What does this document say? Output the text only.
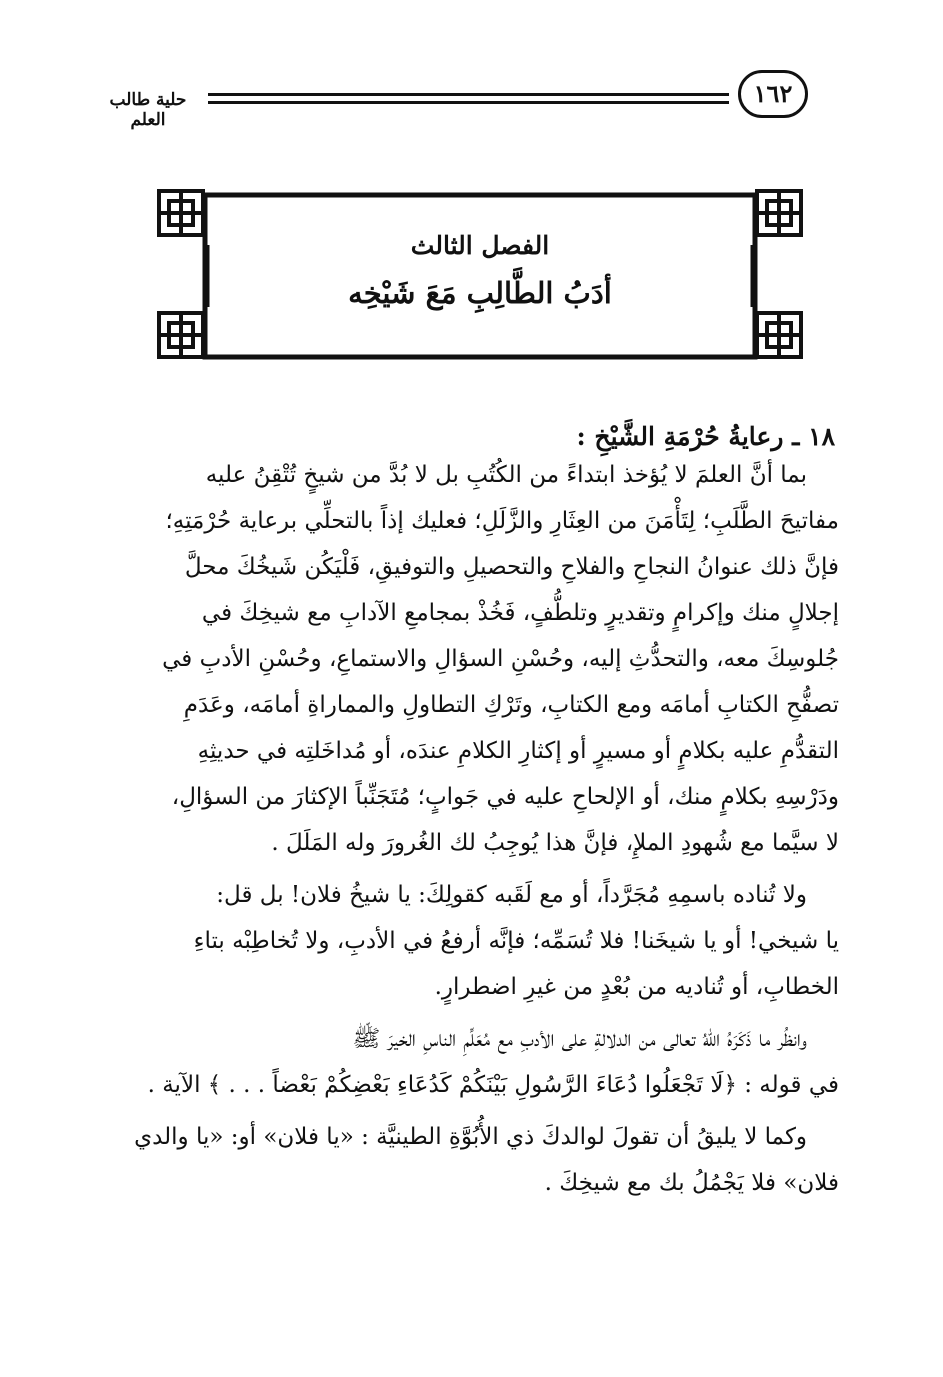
حلية طالب العلم
١٦٢
الفصل الثالث
أدَبُ الطَّالِبِ مَعَ شَيْخِه
١٨ ـ رعايةُ حُرْمَةِ الشَّيْخِ :
بما أنَّ العلمَ لا يُؤخذ ابتداءً من الكُتُبِ بل لا بُدَّ من شيخٍ تُتْقِنُ عليه
مفاتيحَ الطَّلَبِ؛ لِتَأْمَنَ من العِثَارِ والزَّلَلِ؛ فعليك إذاً بالتحلِّي برعاية حُرْمَتِهِ؛
فإنَّ ذلك عنوانُ النجاحِ والفلاحِ والتحصيلِ والتوفيقِ، فَلْيَكُن شَيخُكَ محلَّ
إجلالٍ منك وإكرامٍ وتقديرٍ وتلطُّفٍ، فَخُذْ بمجامعِ الآدابِ مع شيخِكَ في
جُلوسِكَ معه، والتحدُّثِ إليه، وحُسْنِ السؤالِ والاستماعِ، وحُسْنِ الأدبِ في
تصفُّحِ الكتابِ أمامَه ومع الكتابِ، وتَرْكِ التطاولِ والمماراةِ أمامَه، وعَدَمِ
التقدُّمِ عليه بكلامٍ أو مسيرٍ أو إكثارِ الكلامِ عندَه، أو مُداخَلتِه في حديثِهِ
ودَرْسِهِ بكلامٍ منك، أو الإلحاحِ عليه في جَوابٍ؛ مُتَجَنِّباً الإكثارَ من السؤالِ،
لا سيَّما مع شُهودِ الملإِ، فإنَّ هذا يُوجِبُ لك الغُرورَ وله المَلَلَ .
ولا تُناده باسمِهِ مُجَرَّداً، أو مع لَقَبه كقولِكَ: يا شيخُ فلان! بل قل:
يا شيخي! أو يا شيخَنا! فلا تُسَمِّه؛ فإنَّه أرفعُ في الأدبِ، ولا تُخاطِبْه بتاءِ
الخطابِ، أو تُناديه من بُعْدٍ من غيرِ اضطرارٍ.
وانظُر ما ذَكَرَهُ اللهُ تعالى من الدلالةِ على الأدبِ مع مُعَلِّمِ الناسِ الخيرَ ﷺ
في قوله : ﴿لَا تَجْعَلُوا دُعَاءَ الرَّسُولِ بَيْنَكُمْ كَدُعَاءِ بَعْضِكُمْ بَعْضاً . . . ﴾ الآية .
وكما لا يليقُ أن تقولَ لوالدكَ ذي الأُبُوَّةِ الطينيَّة : «يا فلان» أو: «يا والدي
فلان» فلا يَجْمُلُ بك مع شيخِكَ .
